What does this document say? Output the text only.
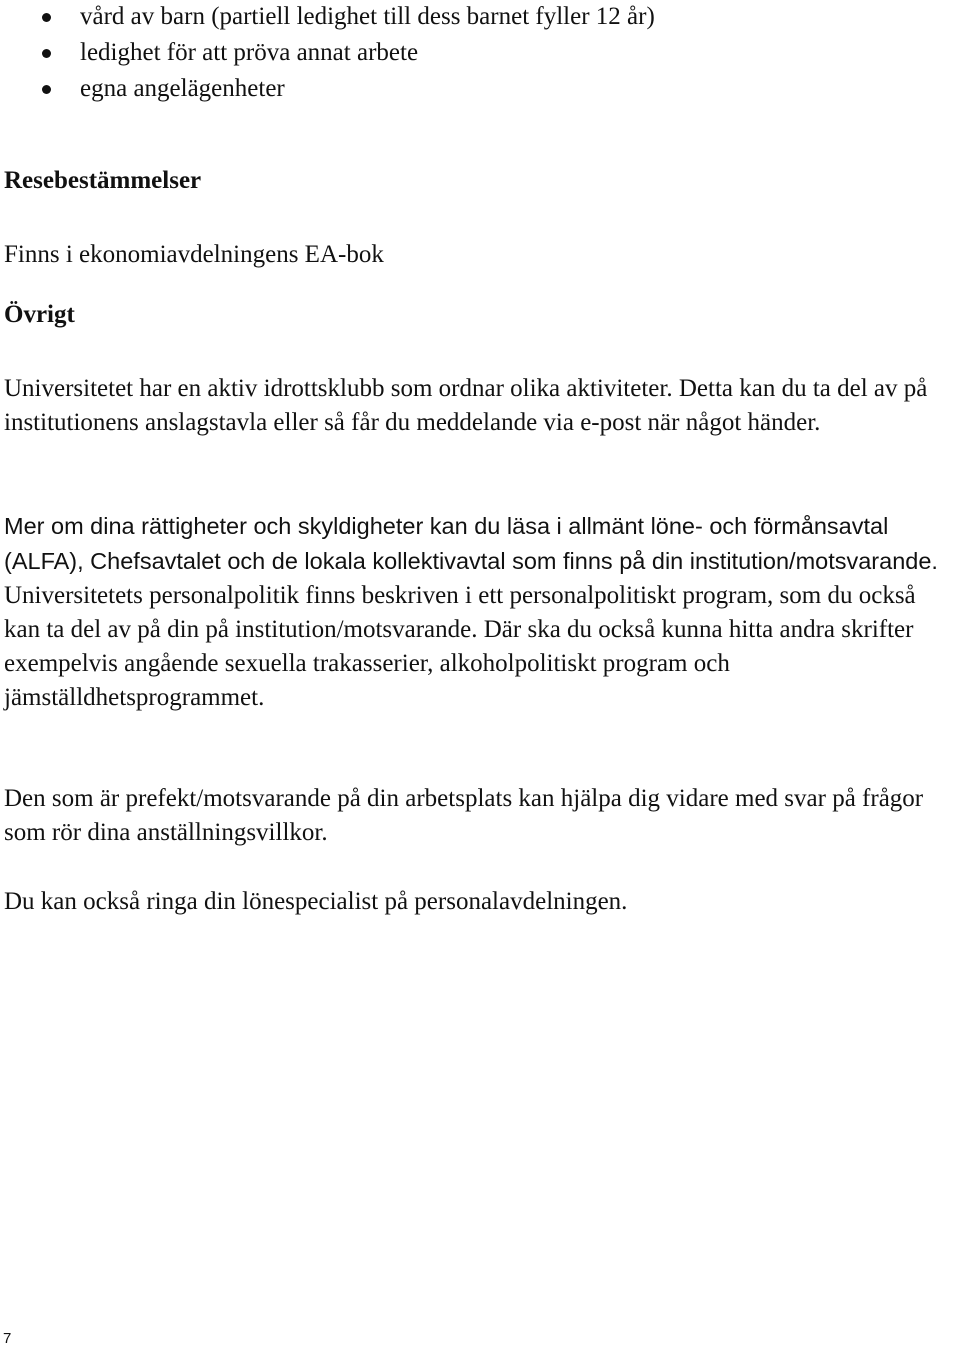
vård av barn (partiell ledighet till dess barnet fyller 12 år)
ledighet för att pröva annat arbete
egna angelägenheter
Resebestämmelser

Finns i ekonomiavdelningens EA-bok

Övrigt

Universitetet har en aktiv idrottsklubb som ordnar olika aktiviteter. Detta kan du ta del av på institutionens anslagstavla eller så får du meddelande via e-post när något händer.

Mer om dina rättigheter och skyldigheter kan du läsa i allmänt löne- och förmånsavtal (ALFA), Chefsavtalet och de lokala kollektivavtal som finns på din institution/motsvarande. Universitetets personalpolitik finns beskriven i ett personalpolitiskt program, som du också kan ta del av på din på institution/motsvarande. Där ska du också kunna hitta andra skrifter exempelvis angående sexuella trakasserier, alkoholpolitiskt program och jämställdhetsprogrammet.

Den som är prefekt/motsvarande på din arbetsplats kan hjälpa dig vidare med svar på frågor som rör dina anställningsvillkor.

Du kan också ringa din lönespecialist på personalavdelningen.

7
